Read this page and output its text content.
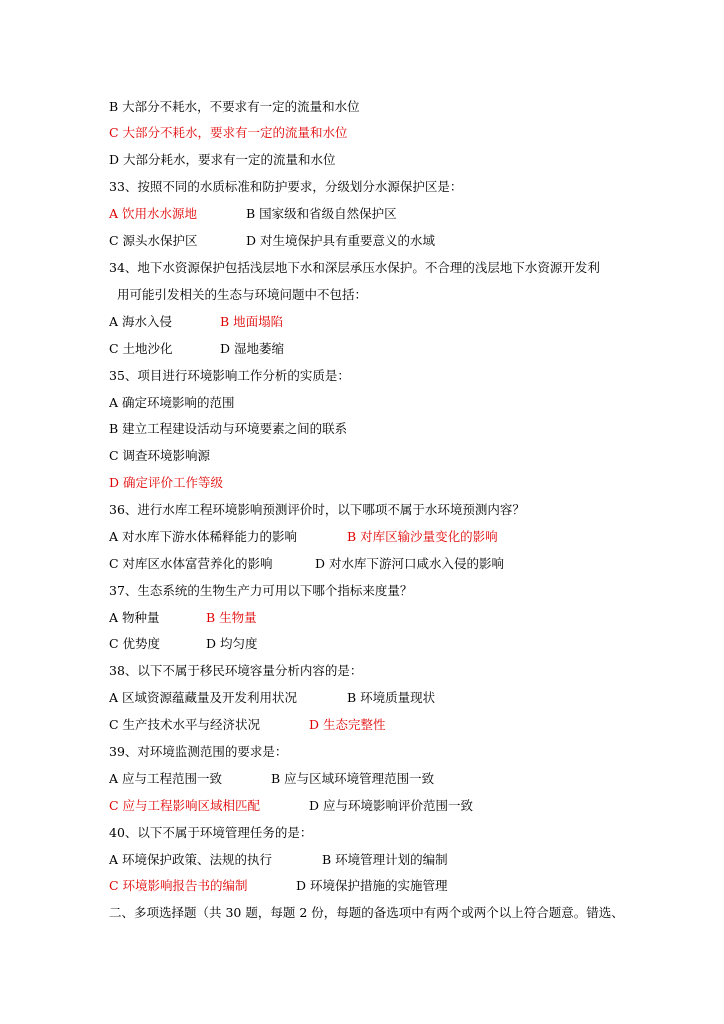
B 大部分不耗水，不要求有一定的流量和水位
C 大部分不耗水，要求有一定的流量和水位
D 大部分耗水，要求有一定的流量和水位
33、按照不同的水质标准和防护要求，分级划分水源保护区是：
A 饮用水水源地	B 国家级和省级自然保护区
C 源头水保护区	D 对生境保护具有重要意义的水域
34、地下水资源保护包括浅层地下水和深层承压水保护。不合理的浅层地下水资源开发利
用可能引发相关的生态与环境问题中不包括：
A 海水入侵	B 地面塌陷
C 土地沙化	D 湿地萎缩
35、项目进行环境影响工作分析的实质是：
A 确定环境影响的范围
B 建立工程建设活动与环境要素之间的联系
C 调查环境影响源
D 确定评价工作等级
36、进行水库工程环境影响预测评价时，以下哪项不属于水环境预测内容？
A 对水库下游水体稀释能力的影响	B 对库区输沙量变化的影响
C 对库区水体富营养化的影响	D 对水库下游河口咸水入侵的影响
37、生态系统的生物生产力可用以下哪个指标来度量？
A 物种量	B 生物量
C 优势度	D 均匀度
38、以下不属于移民环境容量分析内容的是：
A 区域资源蕴藏量及开发利用状况	B 环境质量现状
C 生产技术水平与经济状况	D 生态完整性
39、对环境监测范围的要求是：
A 应与工程范围一致	B 应与区域环境管理范围一致
C 应与工程影响区域相匹配	D 应与环境影响评价范围一致
40、以下不属于环境管理任务的是：
A 环境保护政策、法规的执行	B 环境管理计划的编制
C 环境影响报告书的编制	D 环境保护措施的实施管理
二、多项选择题（共 30 题，每题 2 份，每题的备选项中有两个或两个以上符合题意。错选、
